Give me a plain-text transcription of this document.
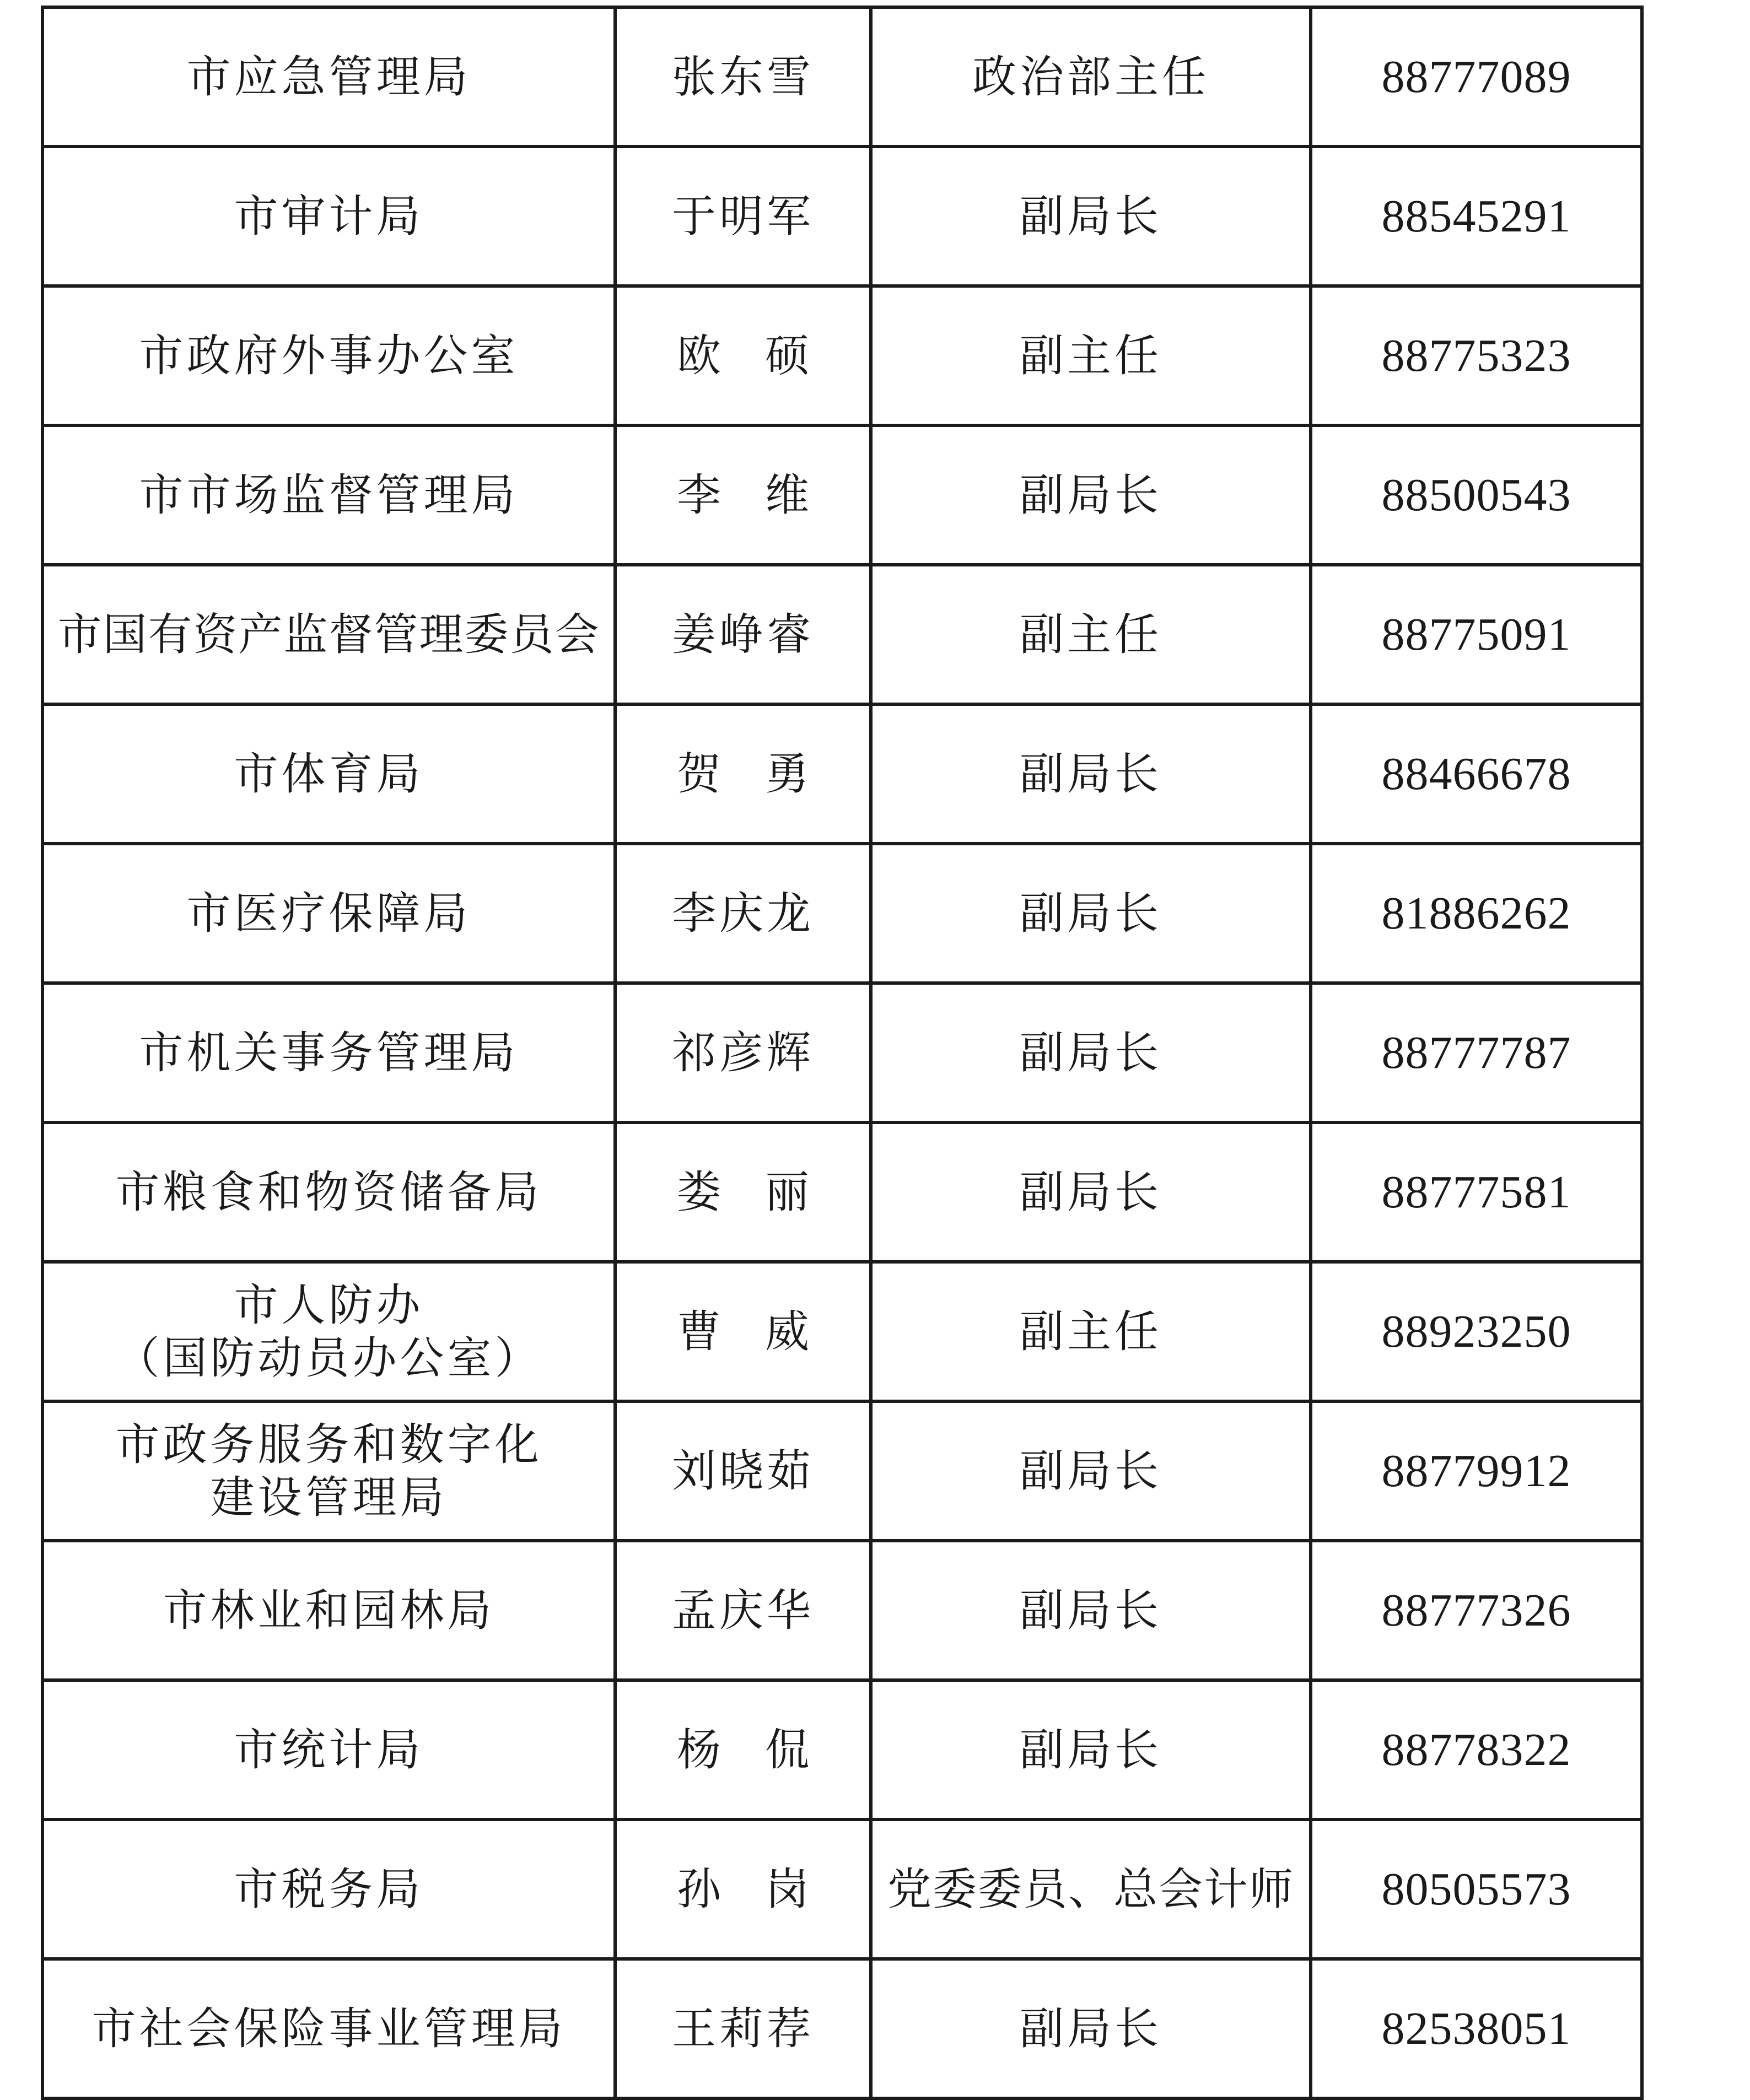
市应急管理局	张东雪	政治部主任	88777089

市审计局	于明军	副局长	88545291

市政府外事办公室	欧　硕	副主任	88775323

市市场监督管理局	李　维	副局长	88500543

市国有资产监督管理委员会	姜峥睿	副主任	88775091

市体育局	贺　勇	副局长	88466678

市医疗保障局	李庆龙	副局长	81886262

市机关事务管理局	祁彦辉	副局长	88777787

市粮食和物资储备局	娄　丽	副局长	88777581

市人防办
（国防动员办公室）	曹　威	副主任	88923250

市政务服务和数字化
建设管理局	刘晓茹	副局长	88779912

市林业和园林局	孟庆华	副局长	88777326

市统计局	杨　侃	副局长	88778322

市税务局	孙　岗	党委委员、总会计师	80505573

市社会保险事业管理局	王莉荐	副局长	82538051
